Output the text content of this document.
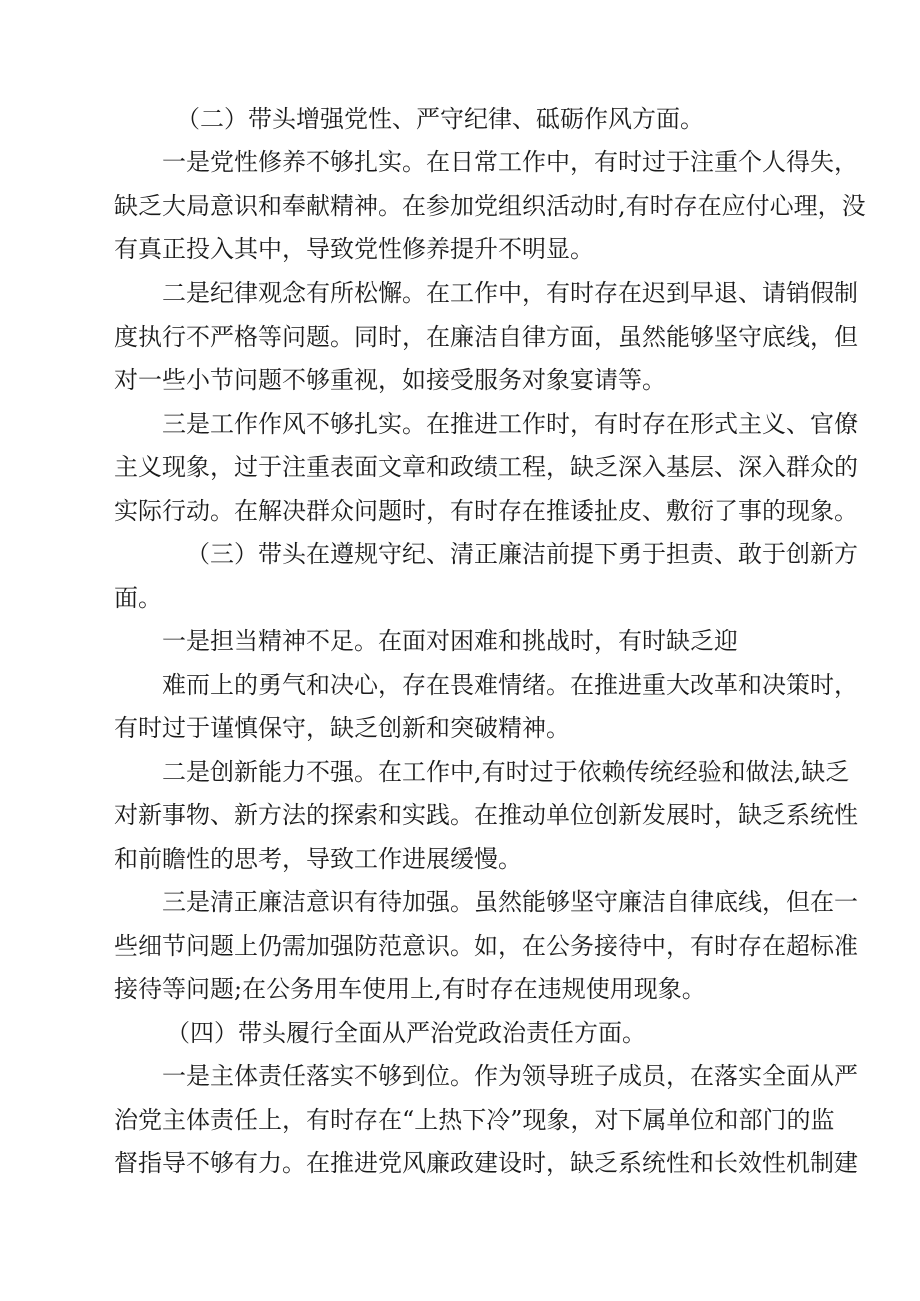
（二）带头增强党性、严守纪律、砥砺作风方面。

一是党性修养不够扎实。在日常工作中，有时过于注重个人得失，

缺乏大局意识和奉献精神。在参加党组织活动时,有时存在应付心理，没

有真正投入其中，导致党性修养提升不明显。

二是纪律观念有所松懈。在工作中，有时存在迟到早退、请销假制

度执行不严格等问题。同时，在廉洁自律方面，虽然能够坚守底线，但

对一些小节问题不够重视，如接受服务对象宴请等。

三是工作作风不够扎实。在推进工作时，有时存在形式主义、官僚

主义现象，过于注重表面文章和政绩工程，缺乏深入基层、深入群众的

实际行动。在解决群众问题时，有时存在推诿扯皮、敷衍了事的现象。

（三）带头在遵规守纪、清正廉洁前提下勇于担责、敢于创新方

面。

一是担当精神不足。在面对困难和挑战时，有时缺乏迎

难而上的勇气和决心，存在畏难情绪。在推进重大改革和决策时，

有时过于谨慎保守，缺乏创新和突破精神。

二是创新能力不强。在工作中,有时过于依赖传统经验和做法,缺乏

对新事物、新方法的探索和实践。在推动单位创新发展时，缺乏系统性

和前瞻性的思考，导致工作进展缓慢。

三是清正廉洁意识有待加强。虽然能够坚守廉洁自律底线，但在一

些细节问题上仍需加强防范意识。如，在公务接待中，有时存在超标准

接待等问题;在公务用车使用上,有时存在违规使用现象。

（四）带头履行全面从严治党政治责任方面。

一是主体责任落实不够到位。作为领导班子成员，在落实全面从严

治党主体责任上，有时存在“上热下冷”现象，对下属单位和部门的监

督指导不够有力。在推进党风廉政建设时，缺乏系统性和长效性机制建
